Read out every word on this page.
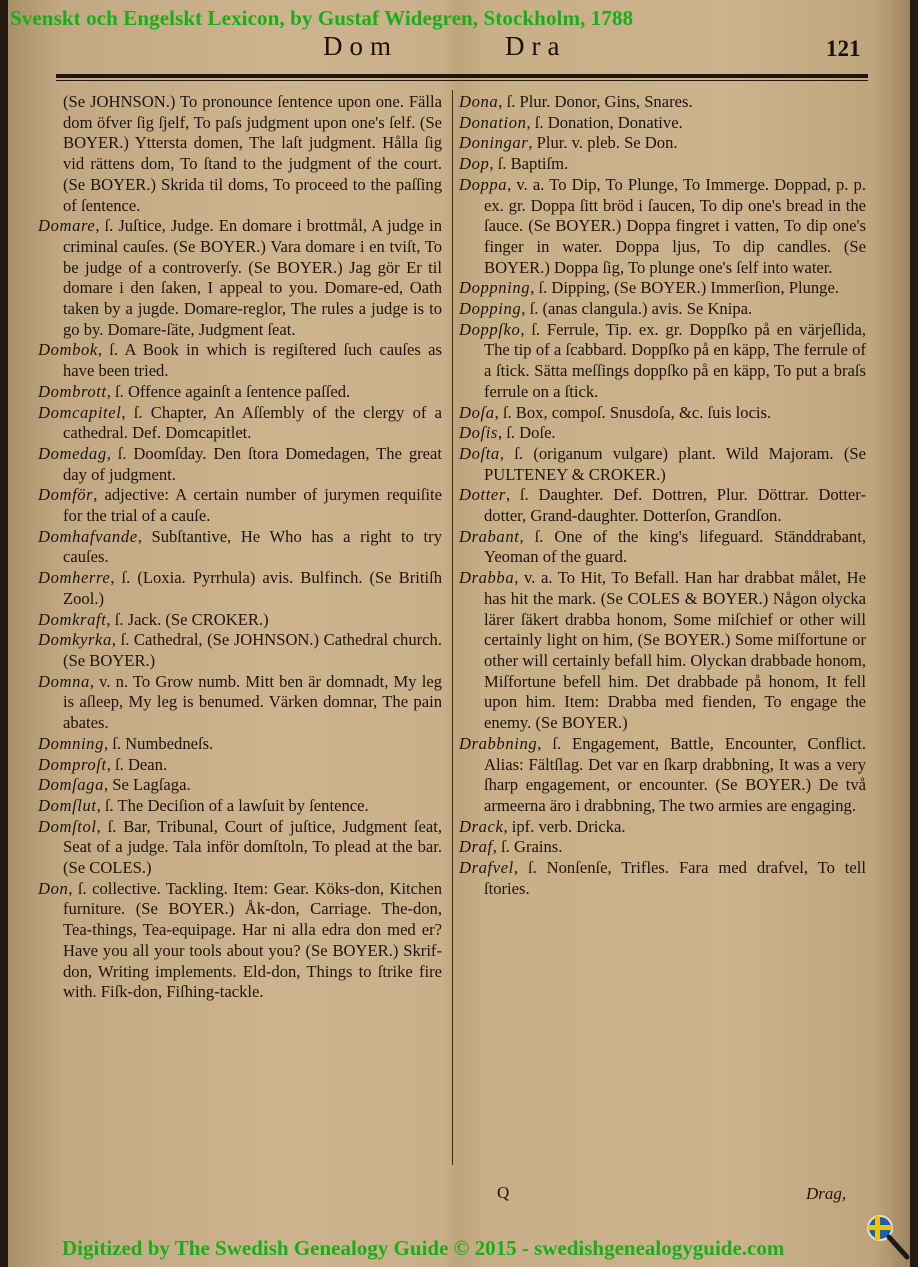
Svenskt och Engelskt Lexicon, by Gustaf Widegren, Stockholm, 1788

Dom	Dra	121

(Se JOHNSON.) To pronounce ſentence upon one. Fälla dom öfver ſig ſjelf, To paſs judgment upon one's ſelf. (Se BOYER.) Yttersta domen, The laſt judgment. Hålla ſig vid rättens dom, To ſtand to the judgment of the court. (Se BOYER.) Skrida til doms, To proceed to the paſſing of ſentence.

Domare, ſ. Juſtice, Judge. En domare i brottmål, A judge in criminal cauſes. (Se BOYER.) Vara domare i en tviſt, To be judge of a controverſy. (Se BOYER.) Jag gör Er til domare i den ſaken, I appeal to you. Domare-ed, Oath taken by a jugde. Domare-reglor, The rules a judge is to go by. Domare-ſäte, Judgment ſeat.

Dombok, ſ. A Book in which is regiſtered ſuch cauſes as have been tried.

Dombrott, ſ. Offence againſt a ſentence paſſed.

Domcapitel, ſ. Chapter, An Aſſembly of the clergy of a cathedral. Def. Domcapitlet.

Domedag, ſ. Doomſday. Den ſtora Domedagen, The great day of judgment.

Domför, adjective: A certain number of jurymen requiſite for the trial of a cauſe.

Domhafvande, Subſtantive, He Who has a right to try cauſes.

Domherre, ſ. (Loxia. Pyrrhula) avis. Bulfinch. (Se Britiſh Zool.)

Domkraft, ſ. Jack. (Se CROKER.)

Domkyrka, ſ. Cathedral, (Se JOHNSON.) Cathedral church. (Se BOYER.)

Domna, v. n. To Grow numb. Mitt ben är domnadt, My leg is aſleep, My leg is benumed. Värken domnar, The pain abates.

Domning, ſ. Numbedneſs.

Domproſt, ſ. Dean.

Domſaga, Se Lagſaga.

Domſlut, ſ. The Deciſion of a lawſuit by ſentence.

Domſtol, ſ. Bar, Tribunal, Court of juſtice, Judgment ſeat, Seat of a judge. Tala inför domſtoln, To plead at the bar. (Se COLES.)

Don, ſ. collective. Tackling. Item: Gear. Köks-don, Kitchen furniture. (Se BOYER.) Åk-don, Carriage. The-don, Tea-things, Tea-equipage. Har ni alla edra don med er? Have you all your tools about you? (Se BOYER.) Skrif-don, Writing implements. Eld-don, Things to ſtrike fire with. Fiſk-don, Fiſhing-tackle.

Dona, ſ. Plur. Donor, Gins, Snares.

Donation, ſ. Donation, Donative.

Doningar, Plur. v. pleb. Se Don.

Dop, ſ. Baptiſm.

Doppa, v. a. To Dip, To Plunge, To Immerge. Doppad, p. p. ex. gr. Doppa ſitt bröd i ſaucen, To dip one's bread in the ſauce. (Se BOYER.) Doppa fingret i vatten, To dip one's finger in water. Doppa ljus, To dip candles. (Se BOYER.) Doppa ſig, To plunge one's ſelf into water.

Doppning, ſ. Dipping, (Se BOYER.) Immerſion, Plunge.

Dopping, ſ. (anas clangula.) avis. Se Knipa.

Doppſko, ſ. Ferrule, Tip. ex. gr. Doppſko på en värjeſlida, The tip of a ſcabbard. Doppſko på en käpp, The ferrule of a ſtick. Sätta meſſings doppſko på en käpp, To put a braſs ferrule on a ſtick.

Doſa, ſ. Box, compoſ. Snusdoſa, &c. ſuis locis.

Doſis, ſ. Doſe.

Doſta, ſ. (origanum vulgare) plant. Wild Majoram. (Se PULTENEY & CROKER.)

Dotter, ſ. Daughter. Def. Dottren, Plur. Döttrar. Dotter-dotter, Grand-daughter. Dotterſon, Grandſon.

Drabant, ſ. One of the king's lifeguard. Ständdrabant, Yeoman of the guard.

Drabba, v. a. To Hit, To Befall. Han har drabbat målet, He has hit the mark. (Se COLES & BOYER.) Någon olycka lärer ſäkert drabba honom, Some miſchief or other will certainly light on him, (Se BOYER.) Some miſfortune or other will certainly befall him. Olyckan drabbade honom, Miſfortune befell him. Det drabbade på honom, It fell upon him. Item: Drabba med fienden, To engage the enemy. (Se BOYER.)

Drabbning, ſ. Engagement, Battle, Encounter, Conflict. Alias: Fältſlag. Det var en ſkarp drabbning, It was a very ſharp engagement, or encounter. (Se BOYER.) De två armeerna äro i drabbning, The two armies are engaging.

Drack, ipf. verb. Dricka.

Draf, ſ. Grains.

Drafvel, ſ. Nonſenſe, Trifles. Fara med drafvel, To tell ſtories.

Q	Drag,

Digitized by The Swedish Genealogy Guide © 2015 - swedishgenealogyguide.com
